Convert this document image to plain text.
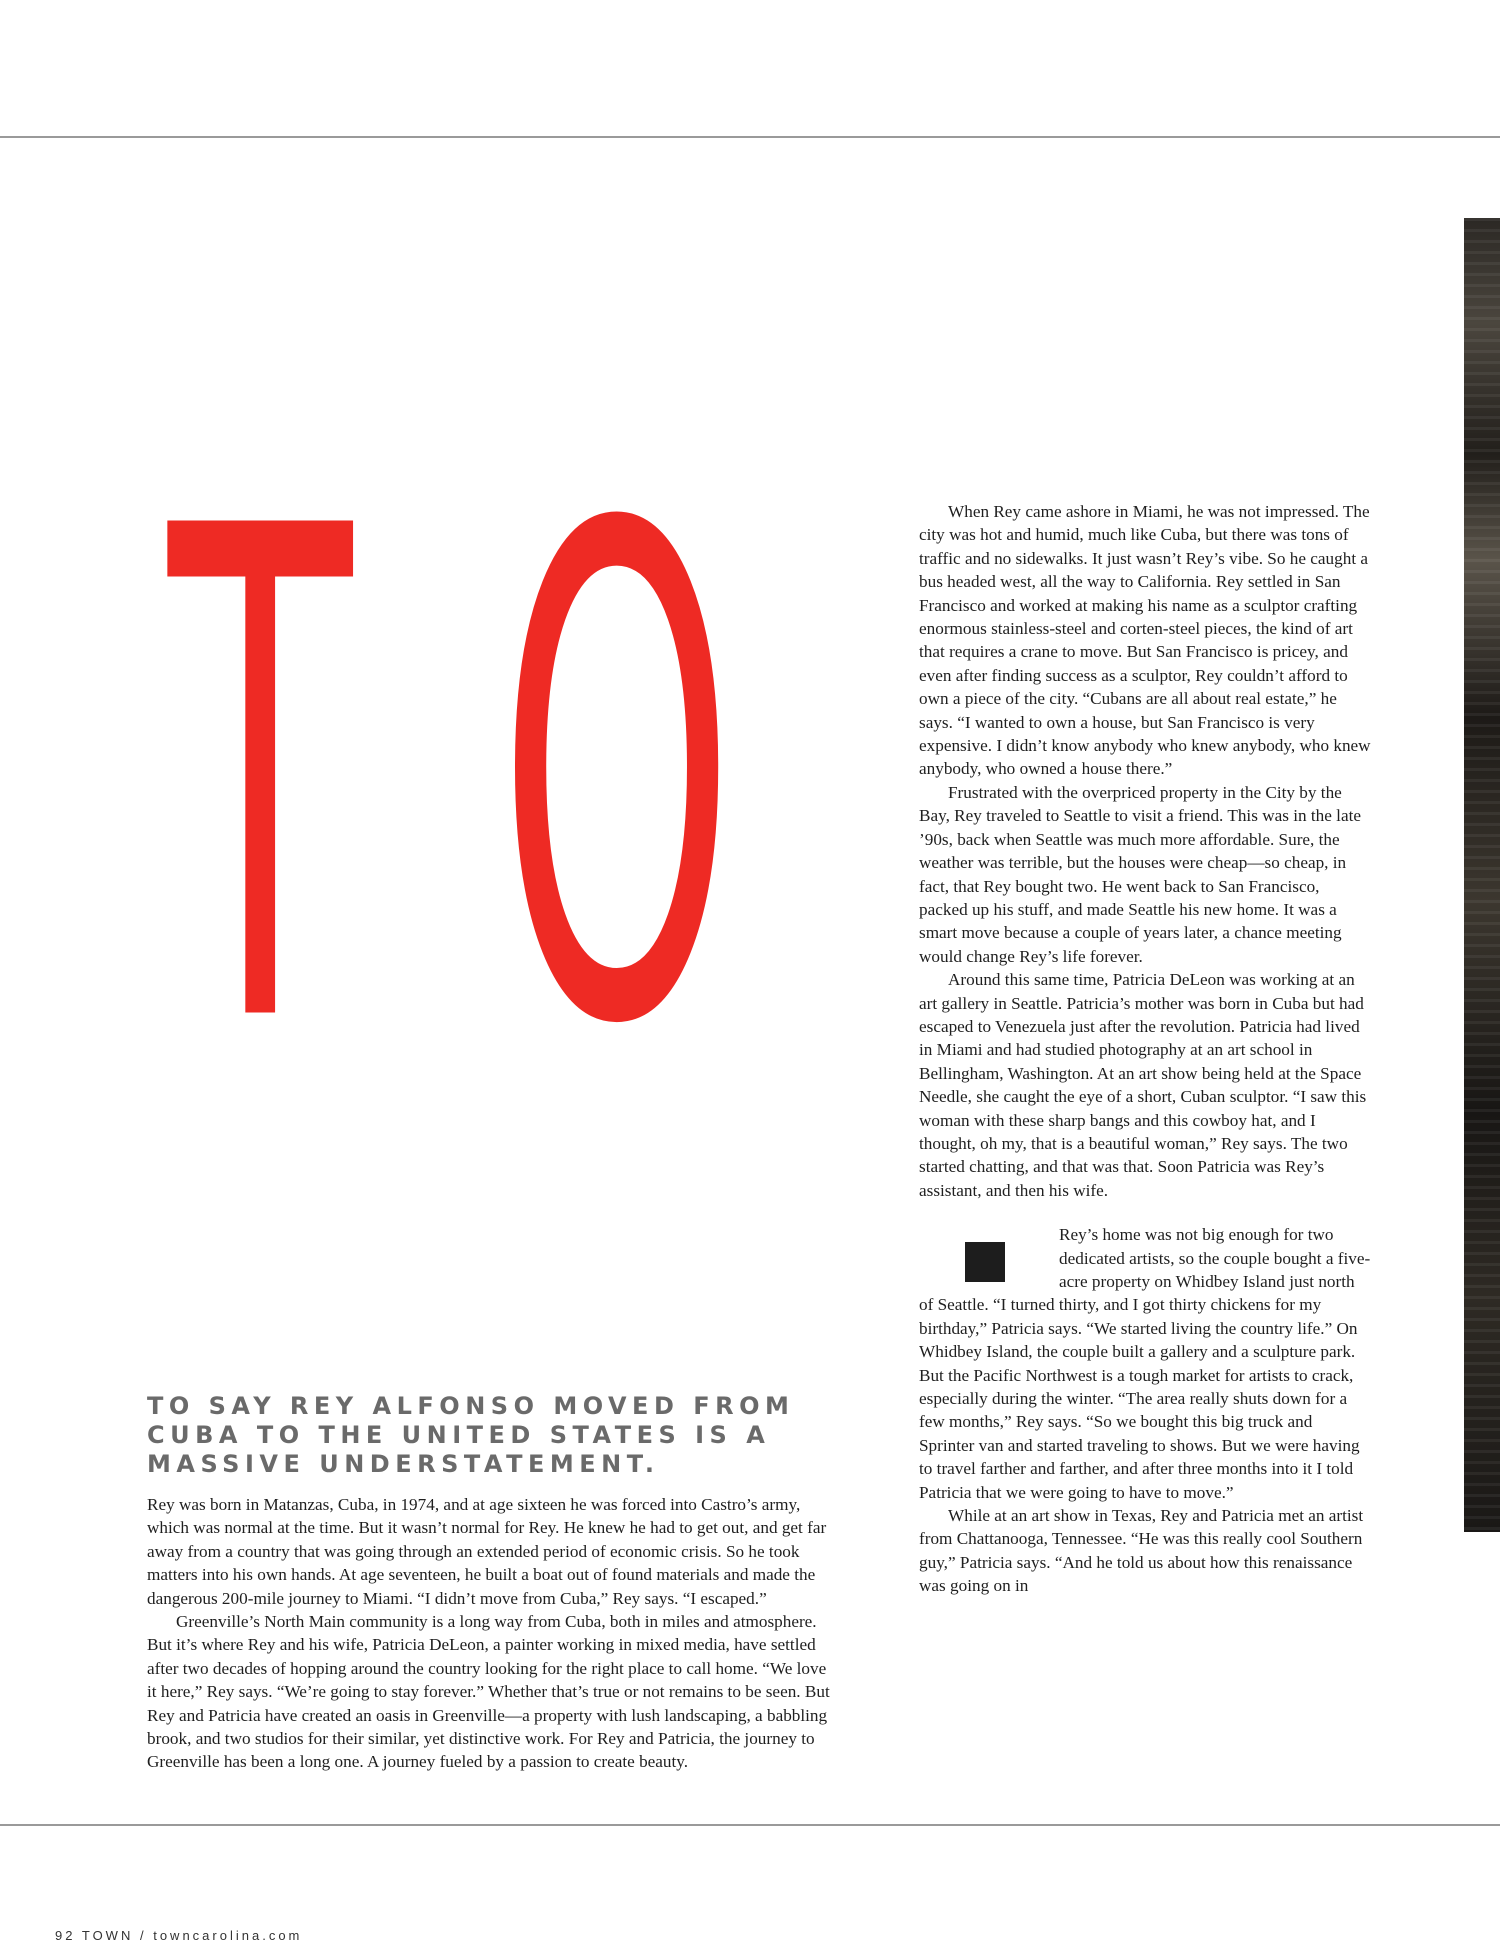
T O	When Rey came ashore in Miami, he was not impressed. The city was hot and humid, much like Cuba, but there was tons of traffic and no sidewalks. It just wasn’t Rey’s vibe. So he caught a bus headed west, all the way to California. Rey settled in San Francisco and worked at making his name as a sculptor crafting enormous stainless-steel and corten-steel pieces, the kind of art that requires a crane to move. But San Francisco is pricey, and even after finding success as a sculptor, Rey couldn’t afford to own a piece of the city. “Cubans are all about real estate,” he says. “I wanted to own a house, but San Francisco is very expensive. I didn’t know anybody who knew anybody, who knew anybody, who owned a house there.”

Frustrated with the overpriced property in the City by the Bay, Rey traveled to Seattle to visit a friend. This was in the late ’90s, back when Seattle was much more affordable. Sure, the weather was terrible, but the houses were cheap—so cheap, in fact, that Rey bought two. He went back to San Francisco, packed up his stuff, and made Seattle his new home. It was a smart move because a couple of years later, a chance meeting would change Rey’s life forever.

Around this same time, Patricia DeLeon was working at an art gallery in Seattle. Patricia’s mother was born in Cuba but had escaped to Venezuela just after the revolution. Patricia had lived in Miami and had studied photography at an art school in Bellingham, Washington. At an art show being held at the Space Needle, she caught the eye of a short, Cuban sculptor. “I saw this woman with these sharp bangs and this cowboy hat, and I thought, oh my, that is a beautiful woman,” Rey says. The two started chatting, and that was that. Soon Patricia was Rey’s assistant, and then his wife.

Rey’s home was not big enough for two dedicated artists, so the couple bought a five-acre property on Whidbey Island just north of Seattle. “I turned thirty, and I got thirty chickens for my birthday,” Patricia says. “We started living the country life.” On Whidbey Island, the couple built a gallery and a sculpture park. But the Pacific Northwest is a tough market for artists to crack, especially during the winter. “The area really shuts down for a few months,” Rey says. “So we bought this big truck and Sprinter van and started traveling to shows. But we were having to travel farther and farther, and after three months into it I told Patricia that we were going to have to move.”

While at an art show in Texas, Rey and Patricia met an artist from Chattanooga, Tennessee. “He was this really cool Southern guy,” Patricia says. “And he told us about how this renaissance was going on in

TO SAY REY ALFONSO MOVED FROM CUBA TO THE UNITED STATES IS A MASSIVE UNDERSTATEMENT.

Rey was born in Matanzas, Cuba, in 1974, and at age sixteen he was forced into Castro’s army, which was normal at the time. But it wasn’t normal for Rey. He knew he had to get out, and get far away from a country that was going through an extended period of economic crisis. So he took matters into his own hands. At age seventeen, he built a boat out of found materials and made the dangerous 200-mile journey to Miami. “I didn’t move from Cuba,” Rey says. “I escaped.”

Greenville’s North Main community is a long way from Cuba, both in miles and atmosphere. But it’s where Rey and his wife, Patricia DeLeon, a painter working in mixed media, have settled after two decades of hopping around the country looking for the right place to call home. “We love it here,” Rey says. “We’re going to stay forever.” Whether that’s true or not remains to be seen. But Rey and Patricia have created an oasis in Greenville—a property with lush landscaping, a babbling brook, and two studios for their similar, yet distinctive work. For Rey and Patricia, the journey to Greenville has been a long one. A journey fueled by a passion to create beauty.

92 TOWN / towncarolina.com
